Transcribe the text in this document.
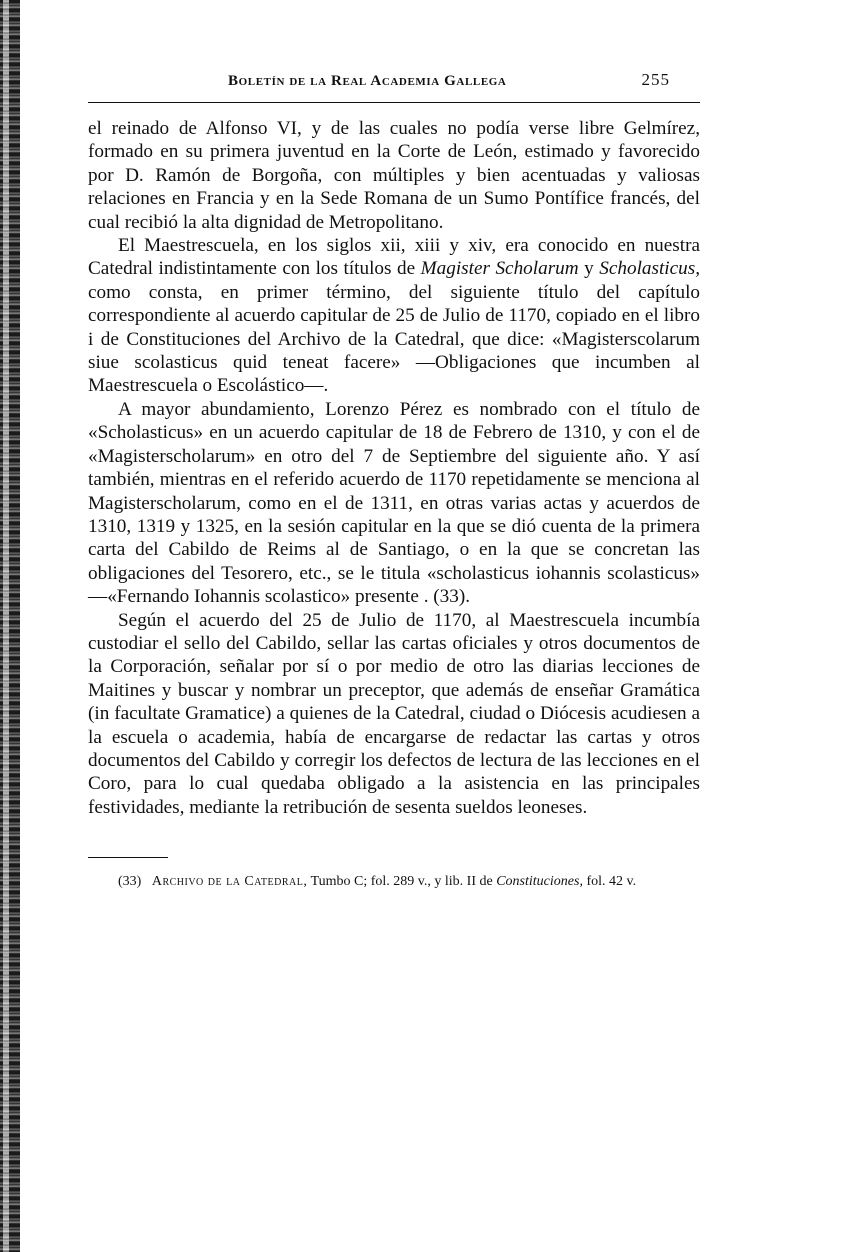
Boletín de la Real Academia Gallega	255

el reinado de Alfonso VI, y de las cuales no podía verse libre Gelmírez, formado en su primera juventud en la Corte de León, estimado y favorecido por D. Ramón de Borgoña, con múltiples y bien acentuadas y valiosas relaciones en Francia y en la Sede Romana de un Sumo Pontífice francés, del cual recibió la alta dignidad de Metropolitano.

El Maestrescuela, en los siglos xii, xiii y xiv, era conocido en nuestra Catedral indistintamente con los títulos de Magister Scholarum y Scholasticus, como consta, en primer término, del siguiente título del capítulo correspondiente al acuerdo capitular de 25 de Julio de 1170, copiado en el libro i de Constituciones del Archivo de la Catedral, que dice: «Magisterscolarum siue scolasticus quid teneat facere» —Obligaciones que incumben al Maestrescuela o Escolástico—.

A mayor abundamiento, Lorenzo Pérez es nombrado con el título de «Scholasticus» en un acuerdo capitular de 18 de Febrero de 1310, y con el de «Magisterscholarum» en otro del 7 de Septiembre del siguiente año. Y así también, mientras en el referido acuerdo de 1170 repetidamente se menciona al Magisterscholarum, como en el de 1311, en otras varias actas y acuerdos de 1310, 1319 y 1325, en la sesión capitular en la que se dió cuenta de la primera carta del Cabildo de Reims al de Santiago, o en la que se concretan las obligaciones del Tesorero, etc., se le titula «scholasticus iohannis scolasticus» —«Fernando Iohannis scolastico» presente . (33).

Según el acuerdo del 25 de Julio de 1170, al Maestrescuela incumbía custodiar el sello del Cabildo, sellar las cartas oficiales y otros documentos de la Corporación, señalar por sí o por medio de otro las diarias lecciones de Maitines y buscar y nombrar un preceptor, que además de enseñar Gramática (in facultate Gramatice) a quienes de la Catedral, ciudad o Diócesis acudiesen a la escuela o academia, había de encargarse de redactar las cartas y otros documentos del Cabildo y corregir los defectos de lectura de las lecciones en el Coro, para lo cual quedaba obligado a la asistencia en las principales festividades, mediante la retribución de sesenta sueldos leoneses.

(33) Archivo de la Catedral, Tumbo C; fol. 289 v., y lib. II de Constituciones, fol. 42 v.
